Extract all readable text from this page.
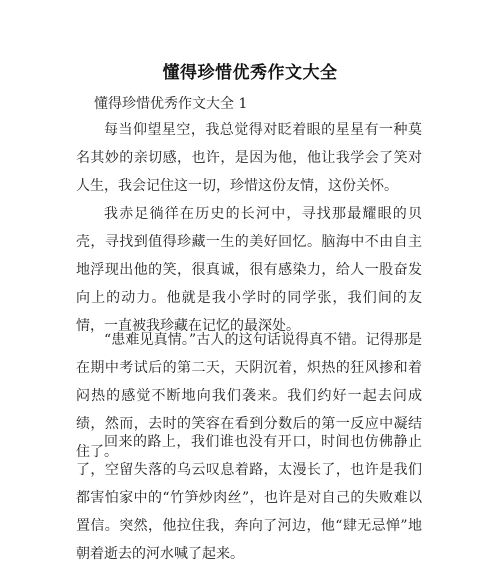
懂得珍惜优秀作文大全
懂得珍惜优秀作文大全 1
每当仰望星空，我总觉得对眨着眼的星星有一种莫名其妙的亲切感，也许，是因为他，他让我学会了笑对人生，我会记住这一切，珍惜这份友情，这份关怀。
我赤足徜徉在历史的长河中，寻找那最耀眼的贝壳，寻找到值得珍藏一生的美好回忆。脑海中不由自主地浮现出他的笑，很真诚，很有感染力，给人一股奋发向上的动力。他就是我小学时的同学张，我们间的友情，一直被我珍藏在记忆的最深处。
“患难见真情。”古人的这句话说得真不错。记得那是在期中考试后的第二天，天阴沉着，炽热的狂风掺和着闷热的感觉不断地向我们袭来。我们约好一起去问成绩，然而，去时的笑容在看到分数后的第一反应中凝结住了。
回来的路上，我们谁也没有开口，时间也仿佛静止了，空留失落的乌云叹息着路，太漫长了，也许是我们都害怕家中的“竹笋炒肉丝”，也许是对自己的失败难以置信。突然，他拉住我，奔向了河边，他“肆无忌惮”地朝着逝去的河水喊了起来。
